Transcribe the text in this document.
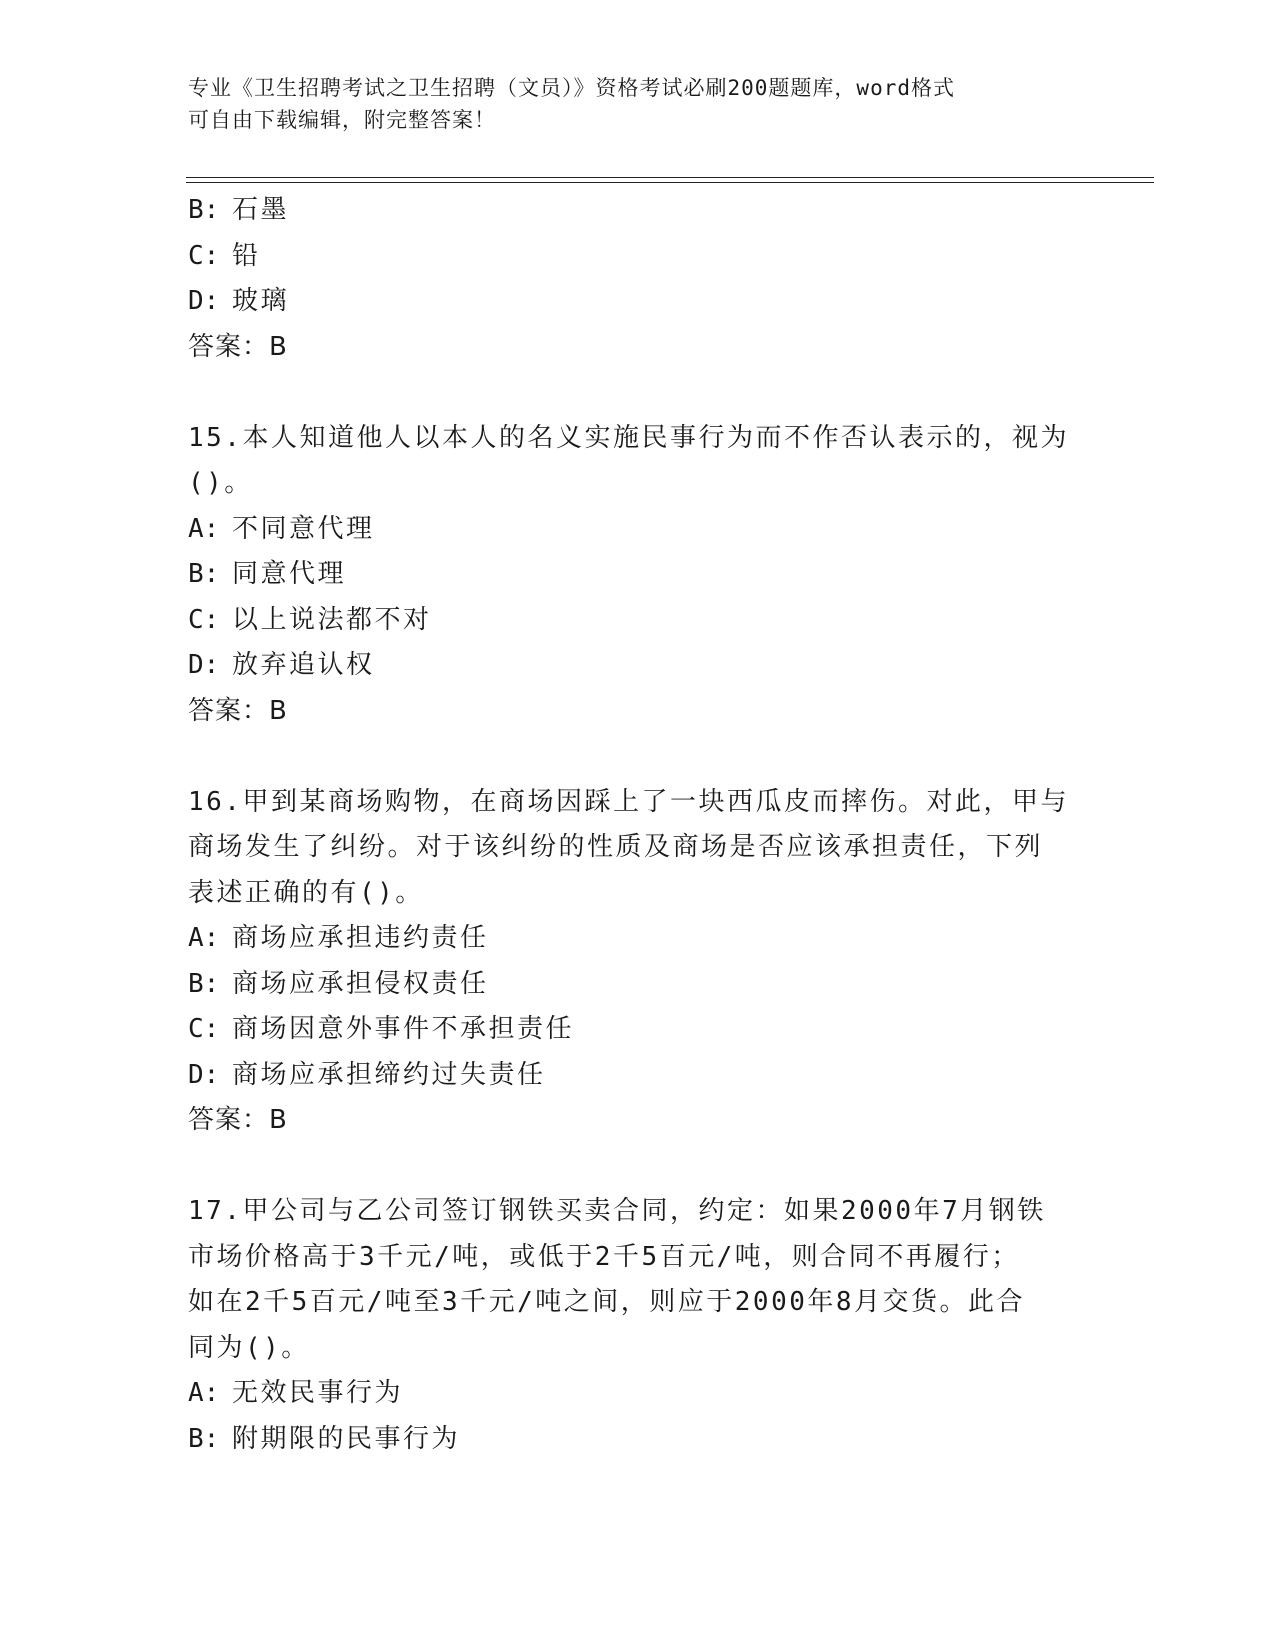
专业《卫生招聘考试之卫生招聘（文员）》资格考试必刷200题题库，word格式
可自由下载编辑，附完整答案！
B: 石墨
C: 铅
D: 玻璃
答案：B
15.本人知道他人以本人的名义实施民事行为而不作否认表示的，视为
()。
A: 不同意代理
B: 同意代理
C: 以上说法都不对
D: 放弃追认权
答案：B
16.甲到某商场购物，在商场因踩上了一块西瓜皮而摔伤。对此，甲与
商场发生了纠纷。对于该纠纷的性质及商场是否应该承担责任，下列
表述正确的有()。
A: 商场应承担违约责任
B: 商场应承担侵权责任
C: 商场因意外事件不承担责任
D: 商场应承担缔约过失责任
答案：B
17.甲公司与乙公司签订钢铁买卖合同，约定：如果2000年7月钢铁
市场价格高于3千元/吨，或低于2千5百元/吨，则合同不再履行；
如在2千5百元/吨至3千元/吨之间，则应于2000年8月交货。此合
同为()。
A: 无效民事行为
B: 附期限的民事行为
